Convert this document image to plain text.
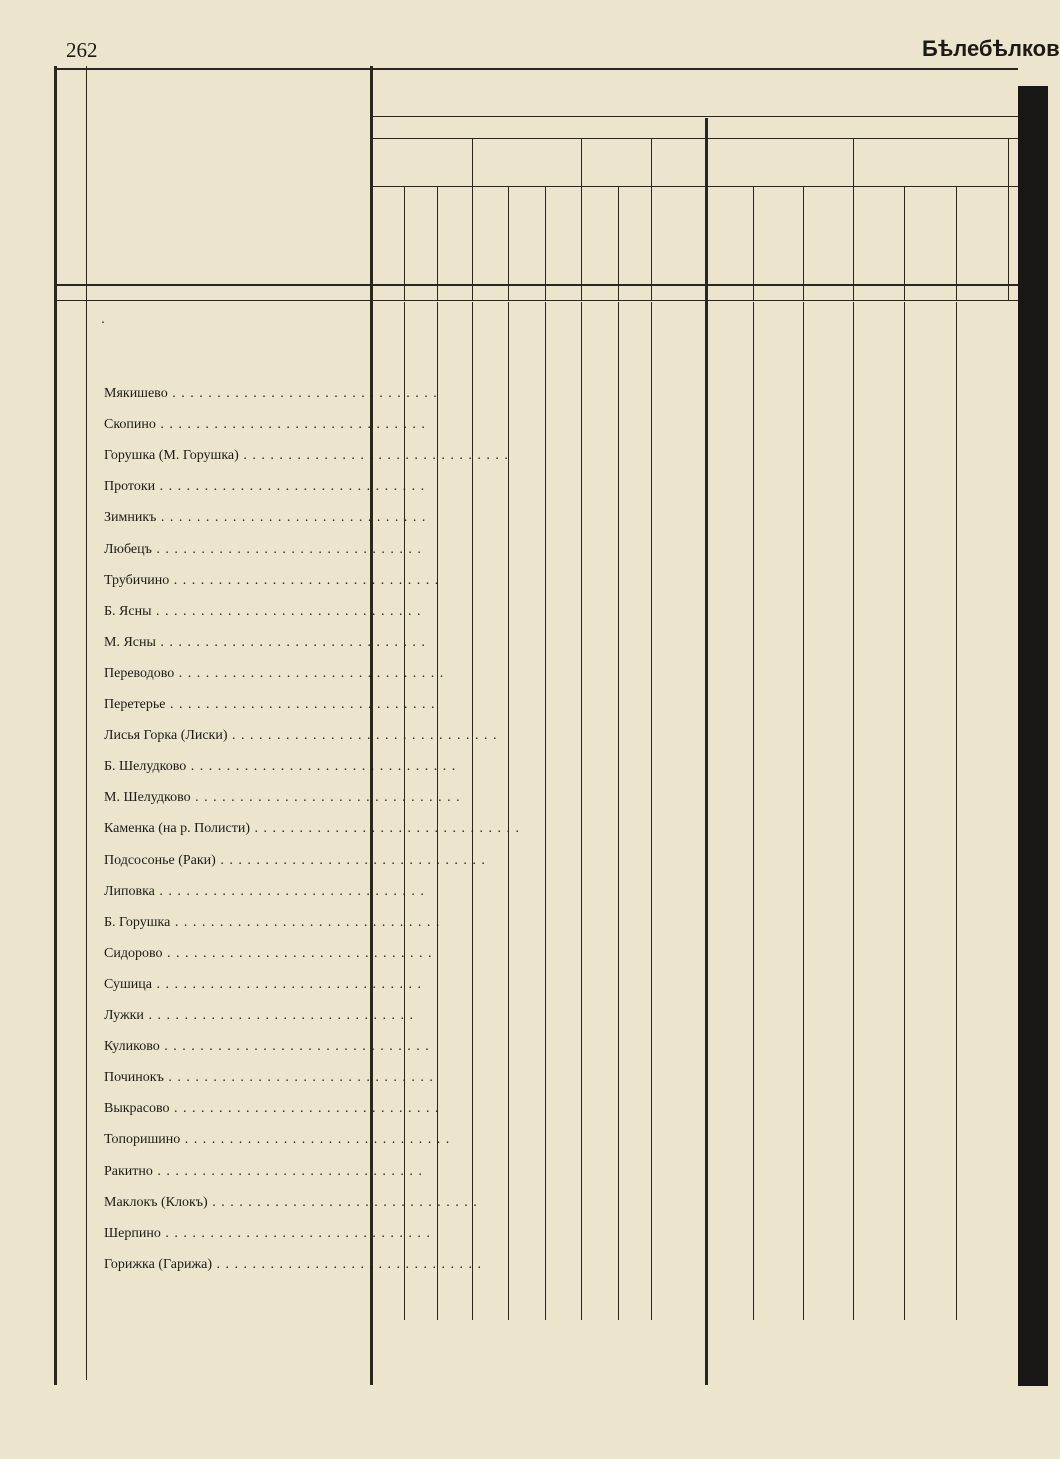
262	Бѣлебѣлков
.
Мякишево . . . . . . . . . . . . . . . . . . . . . . . . . . . . . .
Скопино . . . . . . . . . . . . . . . . . . . . . . . . . . . . . .
Горушка (М. Горушка) . . . . . . . . . . . . . . . . . . . . . . . . . . . . . .
Протоки . . . . . . . . . . . . . . . . . . . . . . . . . . . . . .
Зимникъ . . . . . . . . . . . . . . . . . . . . . . . . . . . . . .
Любецъ . . . . . . . . . . . . . . . . . . . . . . . . . . . . . .
Трубичино . . . . . . . . . . . . . . . . . . . . . . . . . . . . . .
Б. Ясны . . . . . . . . . . . . . . . . . . . . . . . . . . . . . .
М. Ясны . . . . . . . . . . . . . . . . . . . . . . . . . . . . . .
Переводово . . . . . . . . . . . . . . . . . . . . . . . . . . . . . .
Перетерье . . . . . . . . . . . . . . . . . . . . . . . . . . . . . .
Лисья Горка (Лиски) . . . . . . . . . . . . . . . . . . . . . . . . . . . . . .
Б. Шелудково . . . . . . . . . . . . . . . . . . . . . . . . . . . . . .
М. Шелудково . . . . . . . . . . . . . . . . . . . . . . . . . . . . . .
Каменка (на р. Полисти) . . . . . . . . . . . . . . . . . . . . . . . . . . . . . .
Подсосонье (Раки) . . . . . . . . . . . . . . . . . . . . . . . . . . . . . .
Липовка . . . . . . . . . . . . . . . . . . . . . . . . . . . . . .
Б. Горушка . . . . . . . . . . . . . . . . . . . . . . . . . . . . . .
Сидорово . . . . . . . . . . . . . . . . . . . . . . . . . . . . . .
Сушица . . . . . . . . . . . . . . . . . . . . . . . . . . . . . .
Лужки . . . . . . . . . . . . . . . . . . . . . . . . . . . . . .
Куликово . . . . . . . . . . . . . . . . . . . . . . . . . . . . . .
Починокъ . . . . . . . . . . . . . . . . . . . . . . . . . . . . . .
Выкрасово . . . . . . . . . . . . . . . . . . . . . . . . . . . . . .
Топоришино . . . . . . . . . . . . . . . . . . . . . . . . . . . . . .
Ракитно . . . . . . . . . . . . . . . . . . . . . . . . . . . . . .
Маклокъ (Клокъ) . . . . . . . . . . . . . . . . . . . . . . . . . . . . . .
Шерпино . . . . . . . . . . . . . . . . . . . . . . . . . . . . . .
Горижка (Гарижа) . . . . . . . . . . . . . . . . . . . . . . . . . . . . . .
